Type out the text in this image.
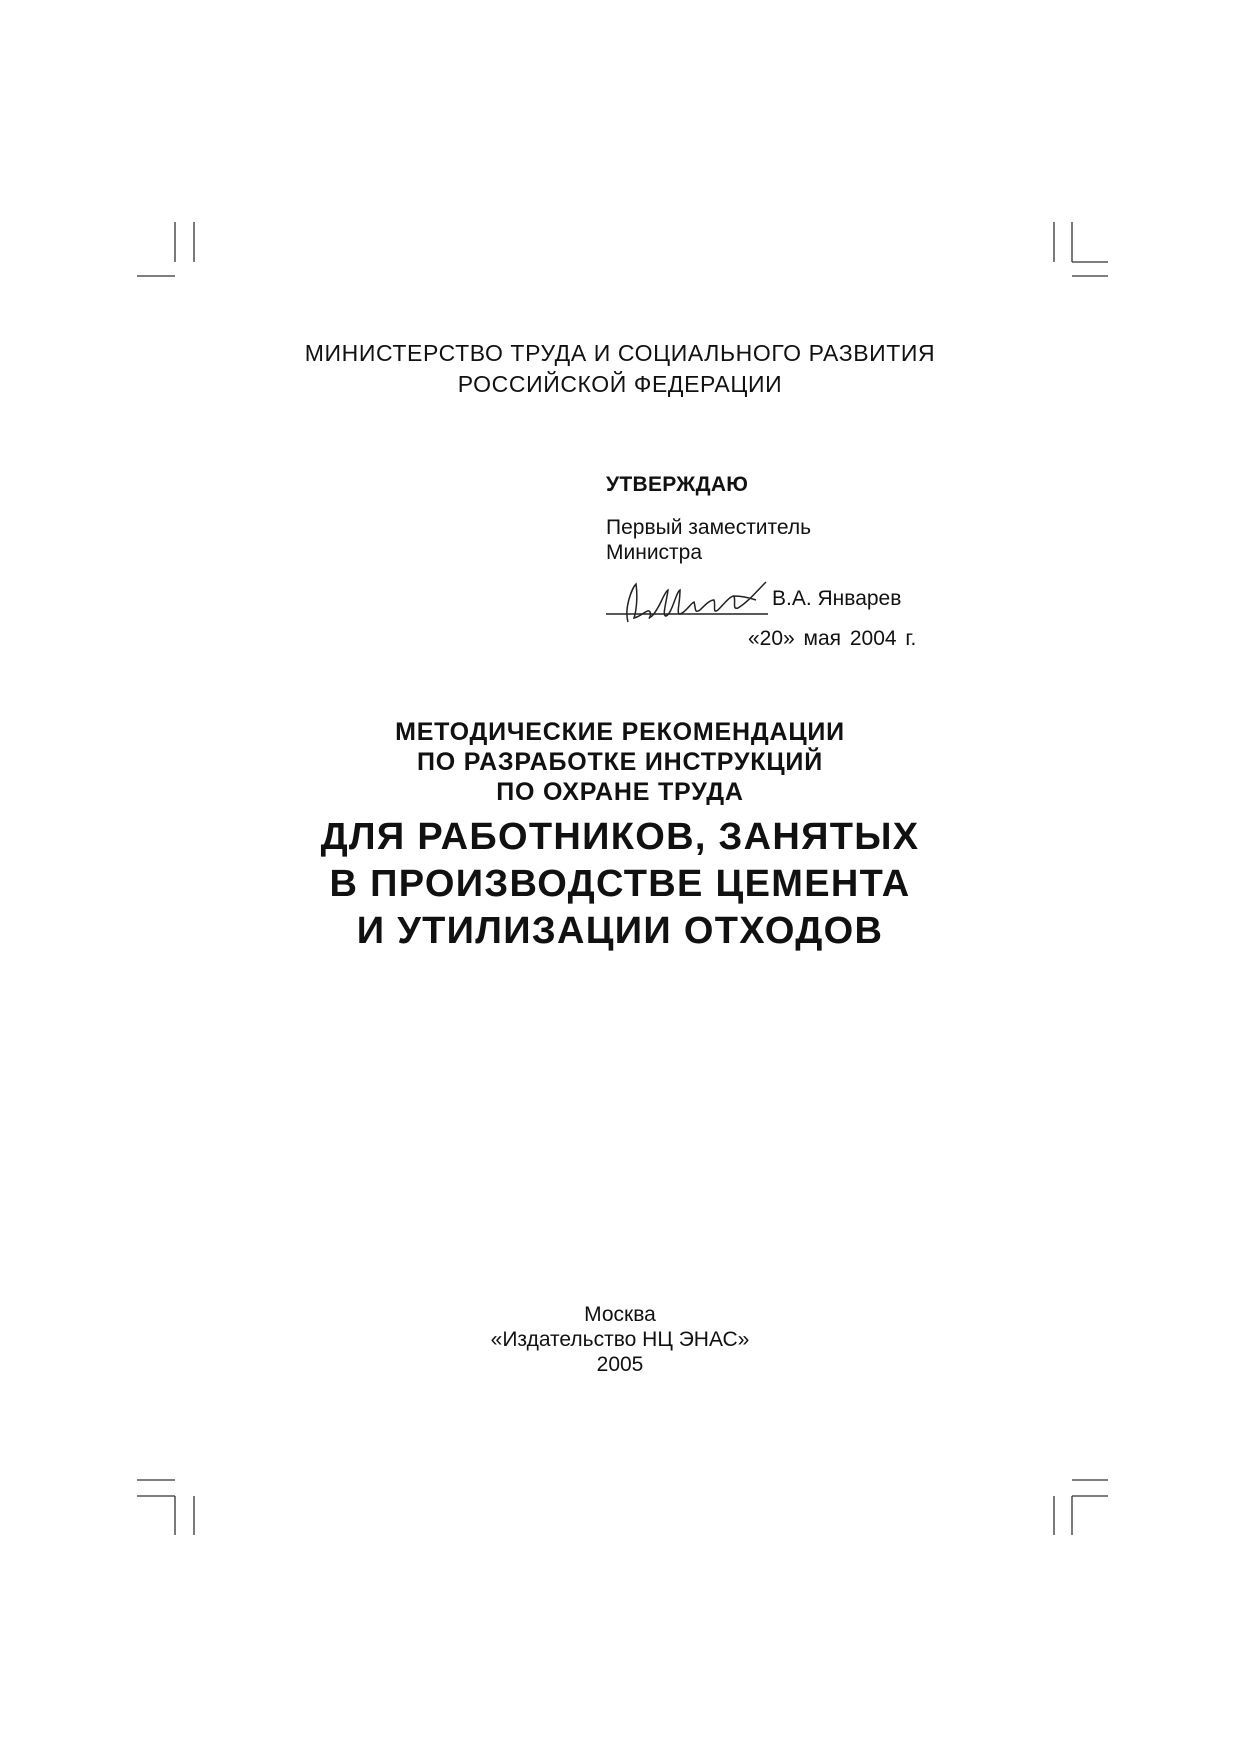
МИНИСТЕРСТВО ТРУДА И СОЦИАЛЬНОГО РАЗВИТИЯ
РОССИЙСКОЙ ФЕДЕРАЦИИ
УТВЕРЖДАЮ
Первый заместитель
Министра
В.А. Январев
«20» мая 2004 г.
МЕТОДИЧЕСКИЕ РЕКОМЕНДАЦИИ
ПО РАЗРАБОТКЕ ИНСТРУКЦИЙ
ПО ОХРАНЕ ТРУДА
ДЛЯ РАБОТНИКОВ, ЗАНЯТЫХ
В ПРОИЗВОДСТВЕ ЦЕМЕНТА
И УТИЛИЗАЦИИ ОТХОДОВ
Москва
«Издательство НЦ ЭНАС»
2005
